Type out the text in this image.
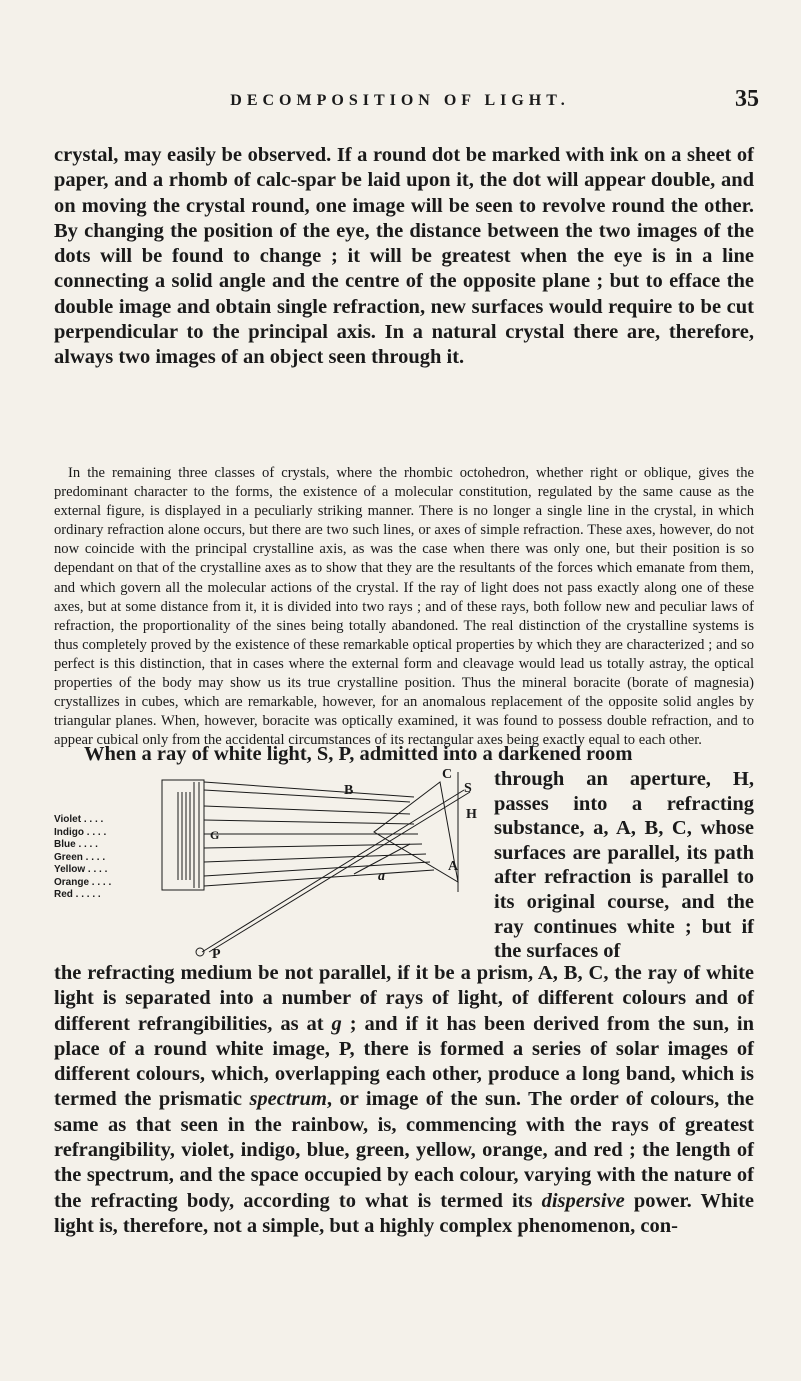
DECOMPOSITION OF LIGHT.	35

crystal, may easily be observed. If a round dot be marked with ink on a sheet of paper, and a rhomb of calc-spar be laid upon it, the dot will appear double, and on moving the crystal round, one image will be seen to revolve round the other. By changing the position of the eye, the distance between the two images of the dots will be found to change ; it will be greatest when the eye is in a line connecting a solid angle and the centre of the opposite plane ; but to efface the double image and obtain single refraction, new surfaces would require to be cut perpendicular to the principal axis. In a natural crystal there are, therefore, always two images of an object seen through it.

In the remaining three classes of crystals, where the rhombic octohedron, whether right or oblique, gives the predominant character to the forms, the existence of a molecular constitution, regulated by the same cause as the external figure, is displayed in a peculiarly striking manner. There is no longer a single line in the crystal, in which ordinary refraction alone occurs, but there are two such lines, or axes of simple refraction. These axes, however, do not now coincide with the principal crystalline axis, as was the case when there was only one, but their position is so dependant on that of the crystalline axes as to show that they are the resultants of the forces which emanate from them, and which govern all the molecular actions of the crystal. If the ray of light does not pass exactly along one of these axes, but at some distance from it, it is divided into two rays ; and of these rays, both follow new and peculiar laws of refraction, the proportionality of the sines being totally abandoned. The real distinction of the crystalline systems is thus completely proved by the existence of these remarkable optical properties by which they are characterized ; and so perfect is this distinction, that in cases where the external form and cleavage would lead us totally astray, the optical properties of the body may show us its true crystalline position. Thus the mineral boracite (borate of magnesia) crystallizes in cubes, which are remarkable, however, for an anomalous replacement of the opposite solid angles by triangular planes. When, however, boracite was optically examined, it was found to possess double refraction, and to appear cubical only from the accidental circumstances of its rectangular axes being exactly equal to each other.

When a ray of white light, S, P, admitted into a darkened room
Violet . . . .
Indigo . . . .
Blue . . . .
Green . . . .
Yellow . . . .
Orange . . . .
Red . . . . .
C
B	S
H
A
a
G
P

through an aperture, H, passes into a refracting substance, a, A, B, C, whose surfaces are parallel, its path after refraction is parallel to its original course, and the ray continues white ; but if the surfaces of

the refracting medium be not parallel, if it be a prism, A, B, C, the ray of white light is separated into a number of rays of light, of different colours and of different refrangibilities, as at g ; and if it has been derived from the sun, in place of a round white image, P, there is formed a series of solar images of different colours, which, overlapping each other, produce a long band, which is termed the prismatic spectrum, or image of the sun. The order of colours, the same as that seen in the rainbow, is, commencing with the rays of greatest refrangibility, violet, indigo, blue, green, yellow, orange, and red ; the length of the spectrum, and the space occupied by each colour, varying with the nature of the refracting body, according to what is termed its dispersive power. White light is, therefore, not a simple, but a highly complex phenomenon, con-
